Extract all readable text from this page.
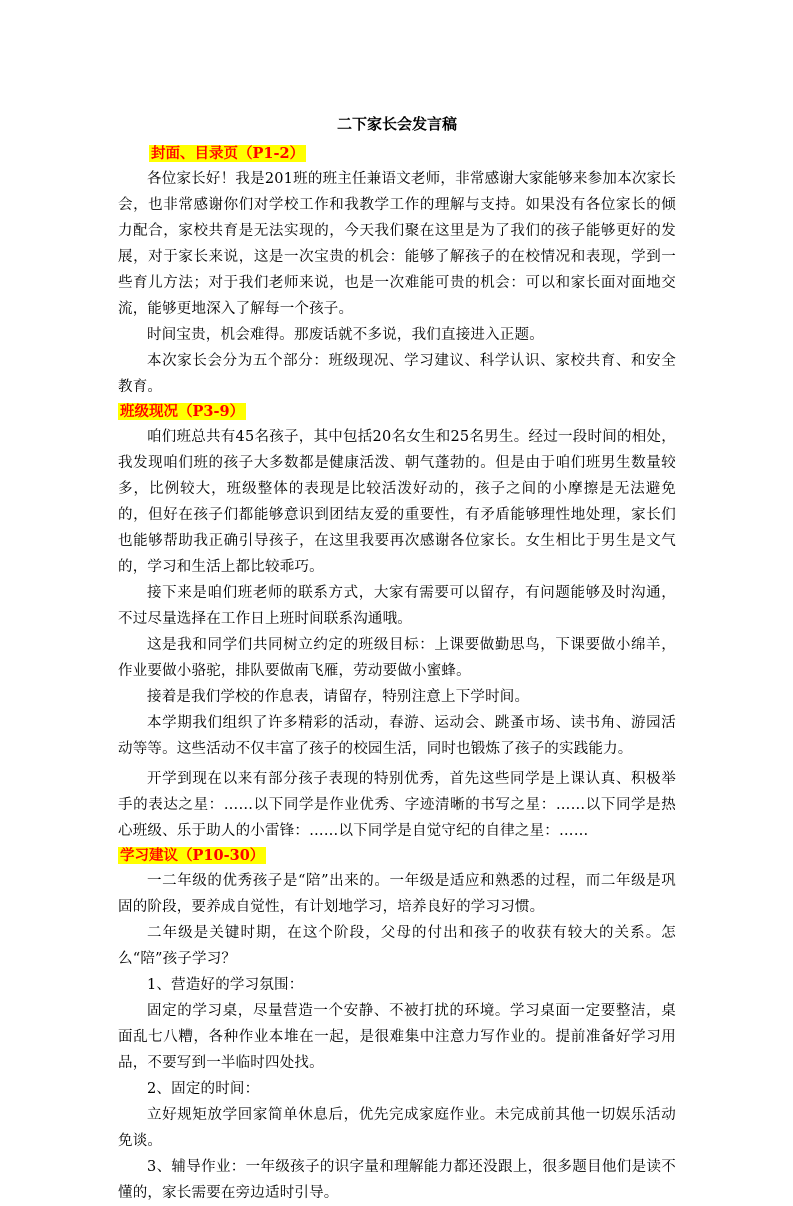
二下家长会发言稿
封面、目录页（P1-2）

各位家长好！我是201班的班主任兼语文老师，非常感谢大家能够来参加本次家长会，也非常感谢你们对学校工作和我教学工作的理解与支持。如果没有各位家长的倾力配合，家校共育是无法实现的，今天我们聚在这里是为了我们的孩子能够更好的发展，对于家长来说，这是一次宝贵的机会：能够了解孩子的在校情况和表现，学到一些育儿方法；对于我们老师来说，也是一次难能可贵的机会：可以和家长面对面地交流，能够更地深入了解每一个孩子。

时间宝贵，机会难得。那废话就不多说，我们直接进入正题。

本次家长会分为五个部分：班级现况、学习建议、科学认识、家校共育、和安全教育。

班级现况（P3-9）

咱们班总共有45名孩子，其中包括20名女生和25名男生。经过一段时间的相处，我发现咱们班的孩子大多数都是健康活泼、朝气蓬勃的。但是由于咱们班男生数量较多，比例较大，班级整体的表现是比较活泼好动的，孩子之间的小摩擦是无法避免的，但好在孩子们都能够意识到团结友爱的重要性，有矛盾能够理性地处理，家长们也能够帮助我正确引导孩子，在这里我要再次感谢各位家长。女生相比于男生是文气的，学习和生活上都比较乖巧。

接下来是咱们班老师的联系方式，大家有需要可以留存，有问题能够及时沟通，不过尽量选择在工作日上班时间联系沟通哦。

这是我和同学们共同树立约定的班级目标：上课要做勤思鸟，下课要做小绵羊，作业要做小骆驼，排队要做南飞雁，劳动要做小蜜蜂。

接着是我们学校的作息表，请留存，特别注意上下学时间。

本学期我们组织了许多精彩的活动，春游、运动会、跳蚤市场、读书角、游园活动等等。这些活动不仅丰富了孩子的校园生活，同时也锻炼了孩子的实践能力。

开学到现在以来有部分孩子表现的特别优秀，首先这些同学是上课认真、积极举手的表达之星：……以下同学是作业优秀、字迹清晰的书写之星：……以下同学是热心班级、乐于助人的小雷锋：……以下同学是自觉守纪的自律之星：……

学习建议（P10-30）

一二年级的优秀孩子是“陪”出来的。一年级是适应和熟悉的过程，而二年级是巩固的阶段，要养成自觉性，有计划地学习，培养良好的学习习惯。

二年级是关键时期，在这个阶段，父母的付出和孩子的收获有较大的关系。怎么“陪”孩子学习？

1、营造好的学习氛围：

固定的学习桌，尽量营造一个安静、不被打扰的环境。学习桌面一定要整洁，桌面乱七八糟，各种作业本堆在一起，是很难集中注意力写作业的。提前准备好学习用品，不要写到一半临时四处找。

2、固定的时间：

立好规矩放学回家简单休息后，优先完成家庭作业。未完成前其他一切娱乐活动免谈。

3、辅导作业：一年级孩子的识字量和理解能力都还没跟上，很多题目他们是读不懂的，家长需要在旁边适时引导。
